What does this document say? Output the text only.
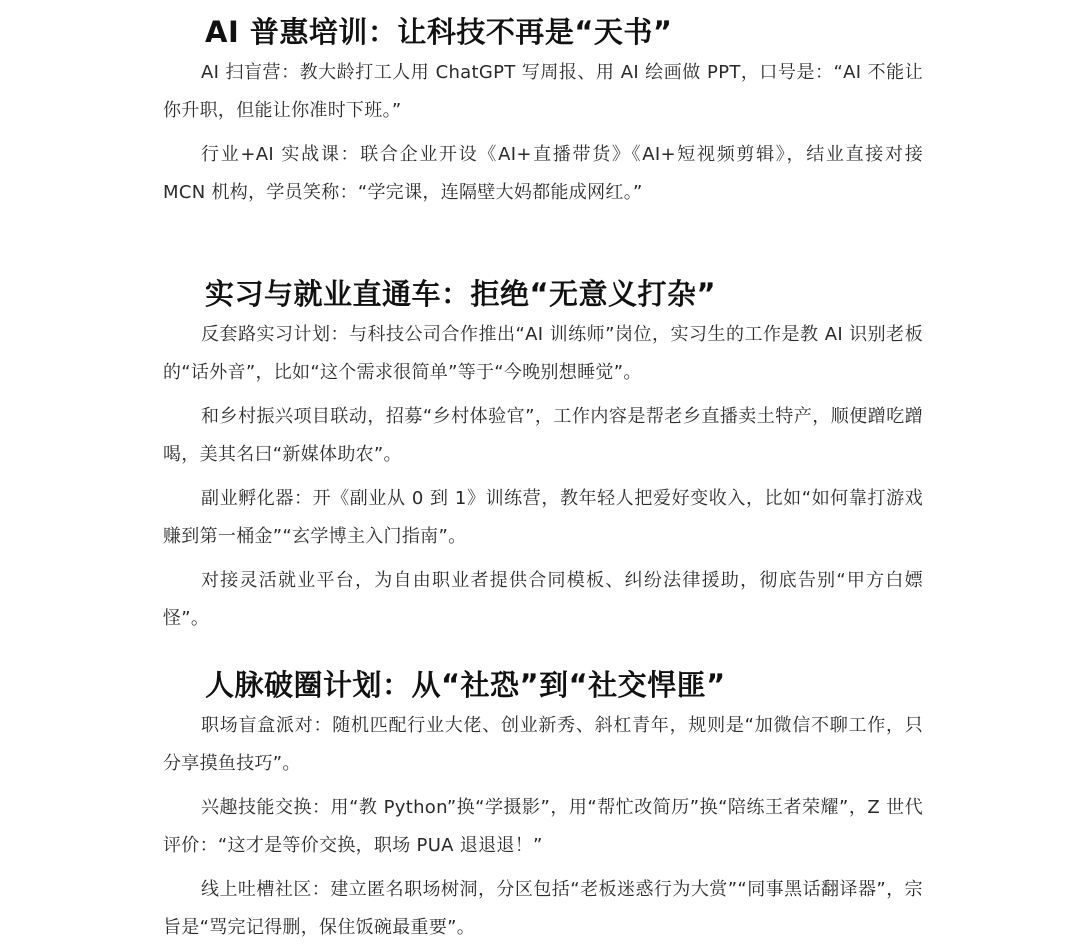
AI 普惠培训：让科技不再是“天书”

AI 扫盲营：教大龄打工人用 ChatGPT 写周报、用 AI 绘画做 PPT，口号是：“AI 不能让你升职，但能让你准时下班。”

行业+AI 实战课：联合企业开设《AI+直播带货》《AI+短视频剪辑》，结业直接对接 MCN 机构，学员笑称：“学完课，连隔壁大妈都能成网红。”

实习与就业直通车：拒绝“无意义打杂”

反套路实习计划：与科技公司合作推出“AI 训练师”岗位，实习生的工作是教 AI 识别老板的“话外音”，比如“这个需求很简单”等于“今晚别想睡觉”。

和乡村振兴项目联动，招募“乡村体验官”，工作内容是帮老乡直播卖土特产，顺便蹭吃蹭喝，美其名曰“新媒体助农”。

副业孵化器：开《副业从 0 到 1》训练营，教年轻人把爱好变收入，比如“如何靠打游戏赚到第一桶金”“玄学博主入门指南”。

对接灵活就业平台，为自由职业者提供合同模板、纠纷法律援助，彻底告别“甲方白嫖怪”。

人脉破圈计划：从“社恐”到“社交悍匪”

职场盲盒派对：随机匹配行业大佬、创业新秀、斜杠青年，规则是“加微信不聊工作，只分享摸鱼技巧”。

兴趣技能交换：用“教 Python”换“学摄影”，用“帮忙改简历”换“陪练王者荣耀”，Z 世代评价：“这才是等价交换，职场 PUA 退退退！”

线上吐槽社区：建立匿名职场树洞，分区包括“老板迷惑行为大赏”“同事黑话翻译器”，宗旨是“骂完记得删，保住饭碗最重要”。
